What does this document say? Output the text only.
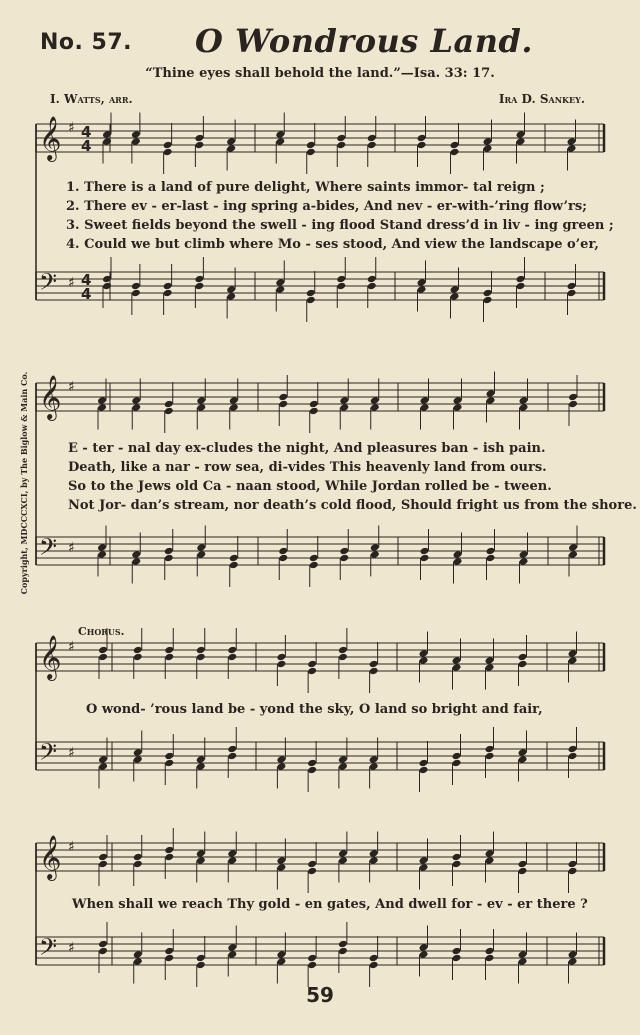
No. 57. O Wondrous Land.
“Thine eyes shall behold the land.”—Isa. 33: 17.
I. Watts, arr.	Ira D. Sankey.
Copyright, MDCCCXCI, by The Biglow & Main Co.
𝄞 ♯ 4
4
𝄢 ♯ 4
4
𝄞 ♯
𝄢 ♯
𝄞 ♯
𝄢 ♯
𝄞 ♯
𝄢 ♯
1. There is a land of pure delight, Where saints immor- tal reign ;
2. There ev - er-last - ing spring a-bides, And nev - er-with-’ring flow’rs;
3. Sweet fields beyond the swell - ing flood Stand dress’d in liv - ing green ;
4. Could we but climb where Mo - ses stood, And view the landscape o’er,
E - ter - nal day ex-cludes the night, And pleasures ban - ish pain.
Death, like a nar - row sea, di-vides This heavenly land from ours.
So to the Jews old Ca - naan stood, While Jordan rolled be - tween.
Not Jor- dan’s stream, nor death’s cold flood, Should fright us from the shore.
Chorus.
O wond- ’rous land be - yond the sky, O land so bright and fair,
When shall we reach Thy gold - en gates, And dwell for - ev - er there ?
59
